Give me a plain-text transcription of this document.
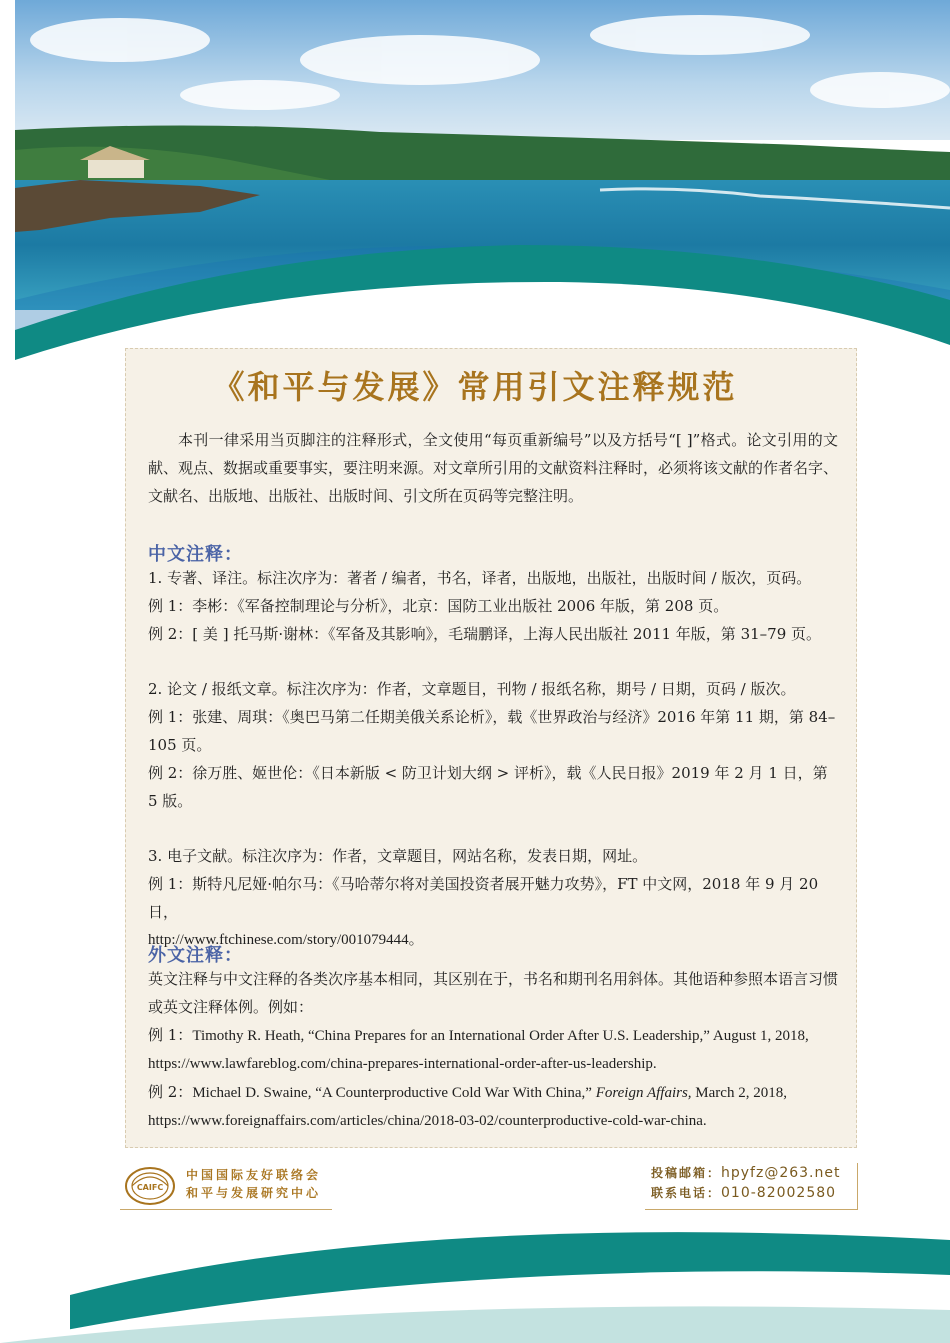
《和平与发展》常用引文注释规范
本刊一律采用当页脚注的注释形式，全文使用“每页重新编号”以及方括号“[ ]”格式。论文引用的文献、观点、数据或重要事实，要注明来源。对文章所引用的文献资料注释时，必须将该文献的作者名字、文献名、出版地、出版社、出版时间、引文所在页码等完整注明。
中文注释：

1. 专著、译注。标注次序为：著者 / 编者，书名，译者，出版地，出版社，出版时间 / 版次，页码。

例 1：李彬：《军备控制理论与分析》，北京：国防工业出版社 2006 年版，第 208 页。

例 2：[ 美 ] 托马斯·谢林：《军备及其影响》，毛瑞鹏译，上海人民出版社 2011 年版，第 31–79 页。

2. 论文 / 报纸文章。标注次序为：作者，文章题目，刊物 / 报纸名称，期号 / 日期，页码 / 版次。

例 1：张建、周琪：《奥巴马第二任期美俄关系论析》，载《世界政治与经济》2016 年第 11 期，第 84–105 页。

例 2：徐万胜、姬世伦：《日本新版 < 防卫计划大纲 > 评析》，载《人民日报》2019 年 2 月 1 日，第 5 版。

3. 电子文献。标注次序为：作者，文章题目，网站名称，发表日期，网址。

例 1：斯特凡尼娅·帕尔马：《马哈蒂尔将对美国投资者展开魅力攻势》，FT 中文网，2018 年 9 月 20 日，

http://www.ftchinese.com/story/001079444。

外文注释：

英文注释与中文注释的各类次序基本相同，其区别在于，书名和期刊名用斜体。其他语种参照本语言习惯或英文注释体例。例如：

例 1：Timothy R. Heath, “China Prepares for an International Order After U.S. Leadership,” August 1, 2018,

https://www.lawfareblog.com/china-prepares-international-order-after-us-leadership.

例 2：Michael D. Swaine, “A Counterproductive Cold War With China,” Foreign Affairs, March 2, 2018,

https://www.foreignaffairs.com/articles/china/2018-03-02/counterproductive-cold-war-china.

CAIFC
中国国际友好联络会
和平与发展研究中心
投稿邮箱：hpyfz@263.net
联系电话：010-82002580
